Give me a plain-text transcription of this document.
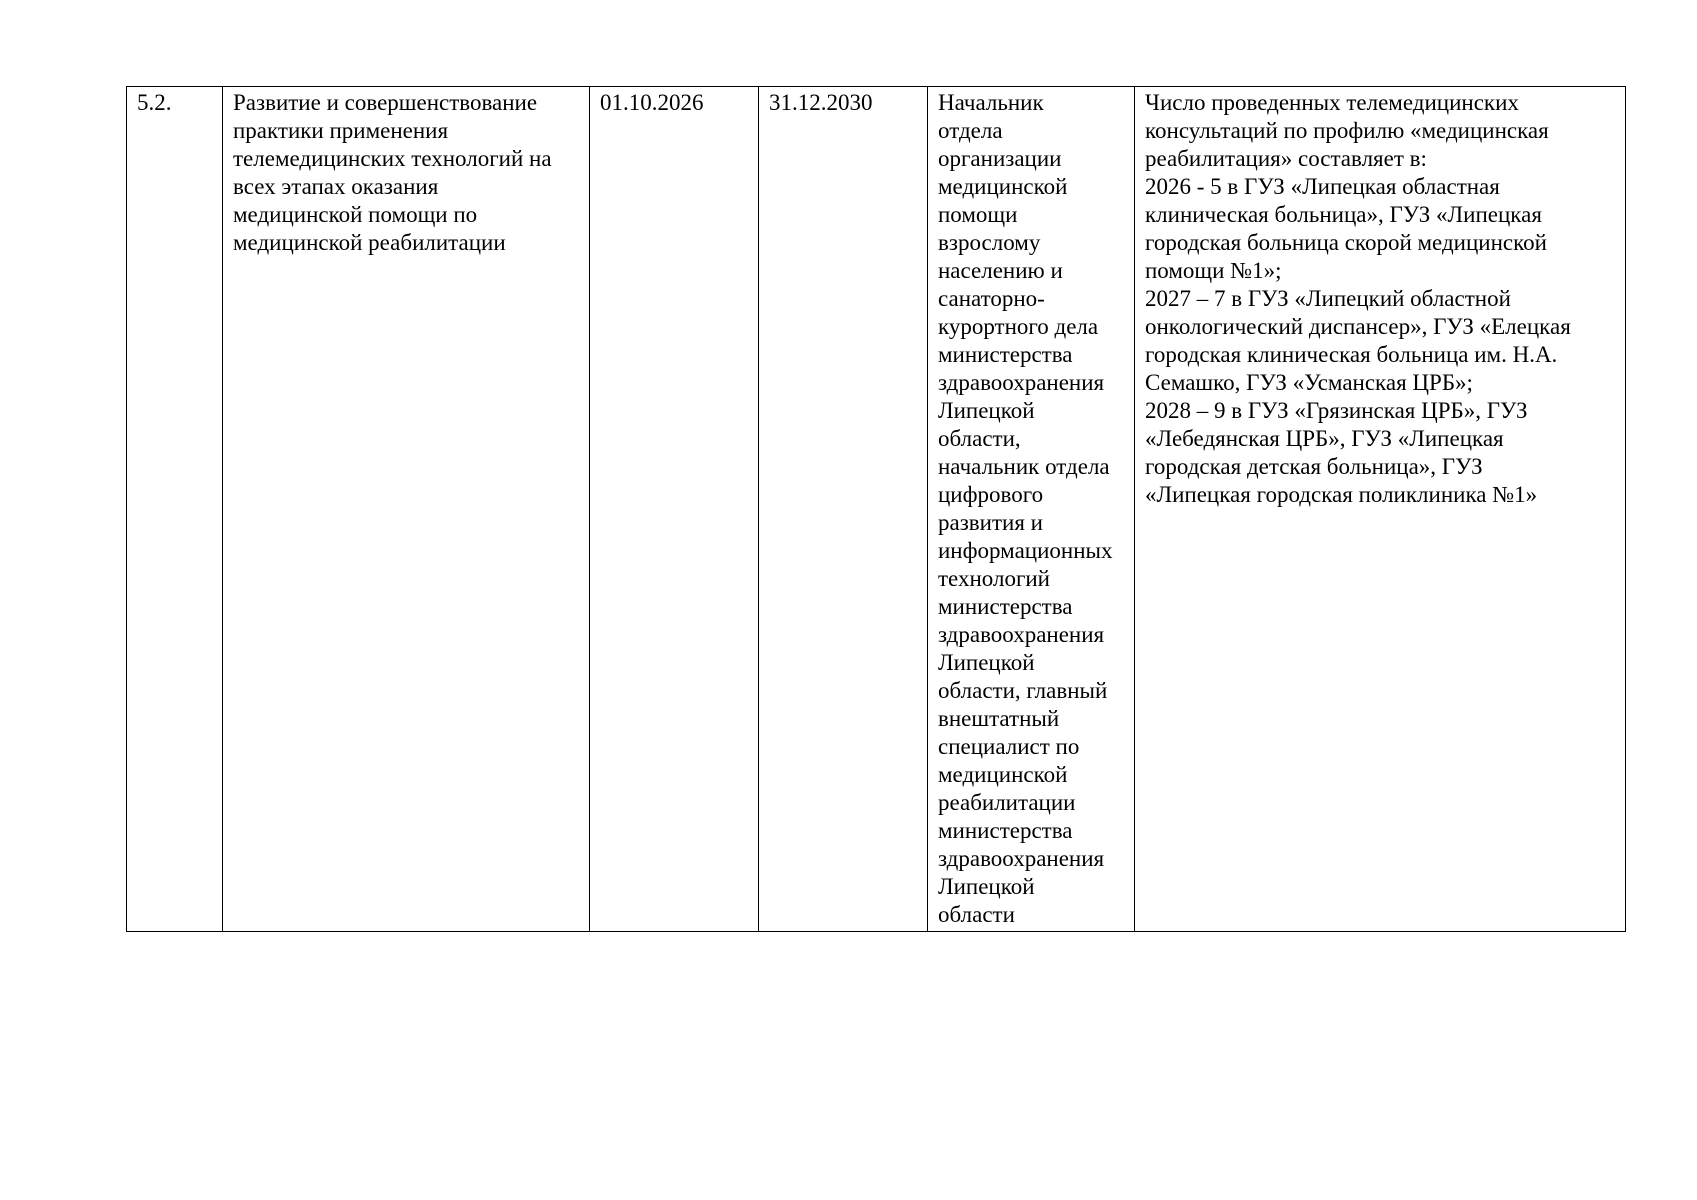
5.2.	Развитие и совершенствование
практики применения
телемедицинских технологий на
всех этапах оказания
медицинской помощи по
медицинской реабилитации	01.10.2026	31.12.2030	Начальник
отдела
организации
медицинской
помощи
взрослому
населению и
санаторно-
курортного дела
министерства
здравоохранения
Липецкой
области,
начальник отдела
цифрового
развития и
информационных
технологий
министерства
здравоохранения
Липецкой
области, главный
внештатный
специалист по
медицинской
реабилитации
министерства
здравоохранения
Липецкой
области	Число проведенных телемедицинских
консультаций по профилю «медицинская
реабилитация» составляет в:
2026 - 5 в ГУЗ «Липецкая областная
клиническая больница», ГУЗ «Липецкая
городская больница скорой медицинской
помощи №1»;
2027 – 7 в ГУЗ «Липецкий областной
онкологический диспансер», ГУЗ «Елецкая
городская клиническая больница им. Н.А.
Семашко, ГУЗ «Усманская ЦРБ»;
2028 – 9 в ГУЗ «Грязинская ЦРБ», ГУЗ
«Лебедянская ЦРБ», ГУЗ «Липецкая
городская детская больница», ГУЗ
«Липецкая городская поликлиника №1»
